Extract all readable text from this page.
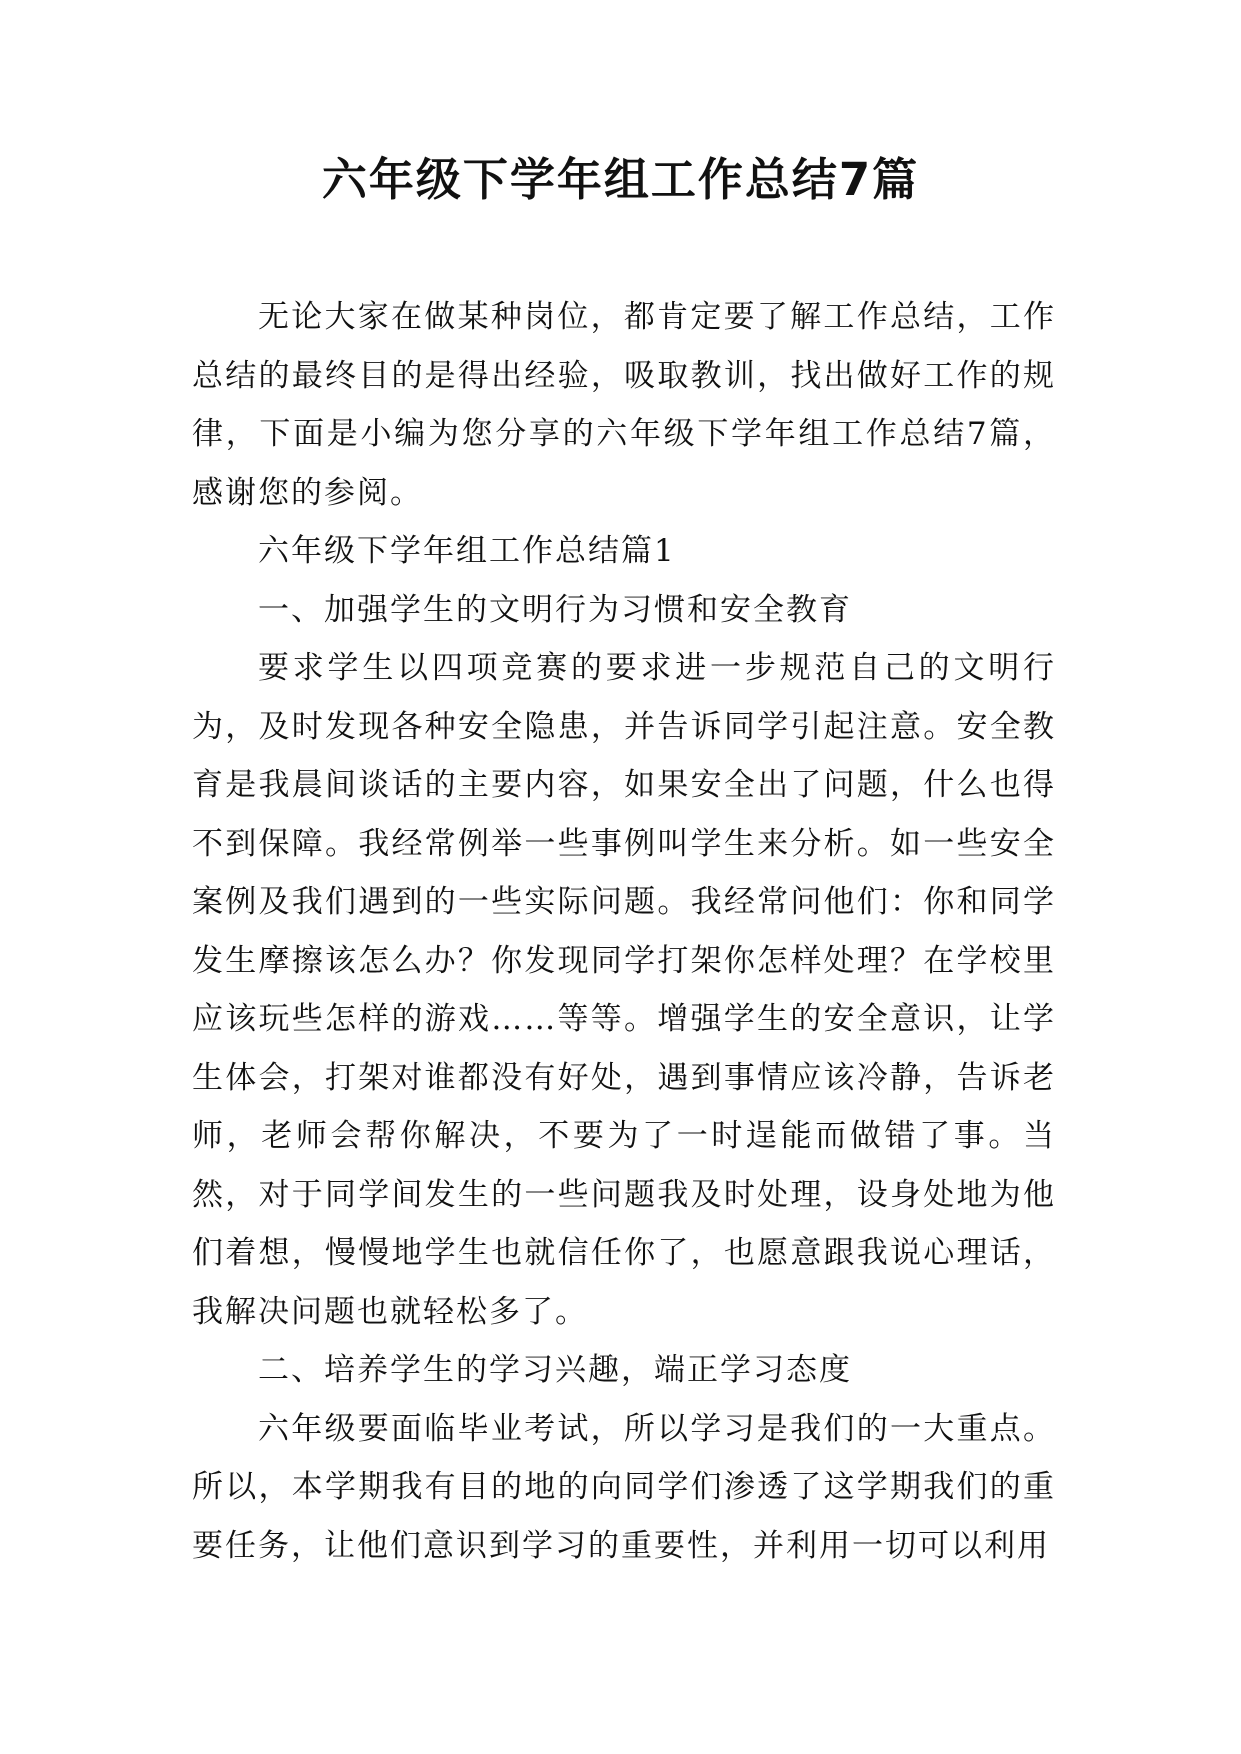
六年级下学年组工作总结7篇

无论大家在做某种岗位，都肯定要了解工作总结，工作总结的最终目的是得出经验，吸取教训，找出做好工作的规律，下面是小编为您分享的六年级下学年组工作总结7篇，感谢您的参阅。

六年级下学年组工作总结篇1

一、加强学生的文明行为习惯和安全教育

要求学生以四项竞赛的要求进一步规范自己的文明行为，及时发现各种安全隐患，并告诉同学引起注意。安全教育是我晨间谈话的主要内容，如果安全出了问题，什么也得不到保障。我经常例举一些事例叫学生来分析。如一些安全案例及我们遇到的一些实际问题。我经常问他们：你和同学发生摩擦该怎么办？你发现同学打架你怎样处理？在学校里应该玩些怎样的游戏……等等。增强学生的安全意识，让学生体会，打架对谁都没有好处，遇到事情应该冷静，告诉老师，老师会帮你解决，不要为了一时逞能而做错了事。当然，对于同学间发生的一些问题我及时处理，设身处地为他们着想，慢慢地学生也就信任你了，也愿意跟我说心理话，我解决问题也就轻松多了。

二、培养学生的学习兴趣，端正学习态度

六年级要面临毕业考试，所以学习是我们的一大重点。所以，本学期我有目的地的向同学们渗透了这学期我们的重要任务，让他们意识到学习的重要性，并利用一切可以利用
